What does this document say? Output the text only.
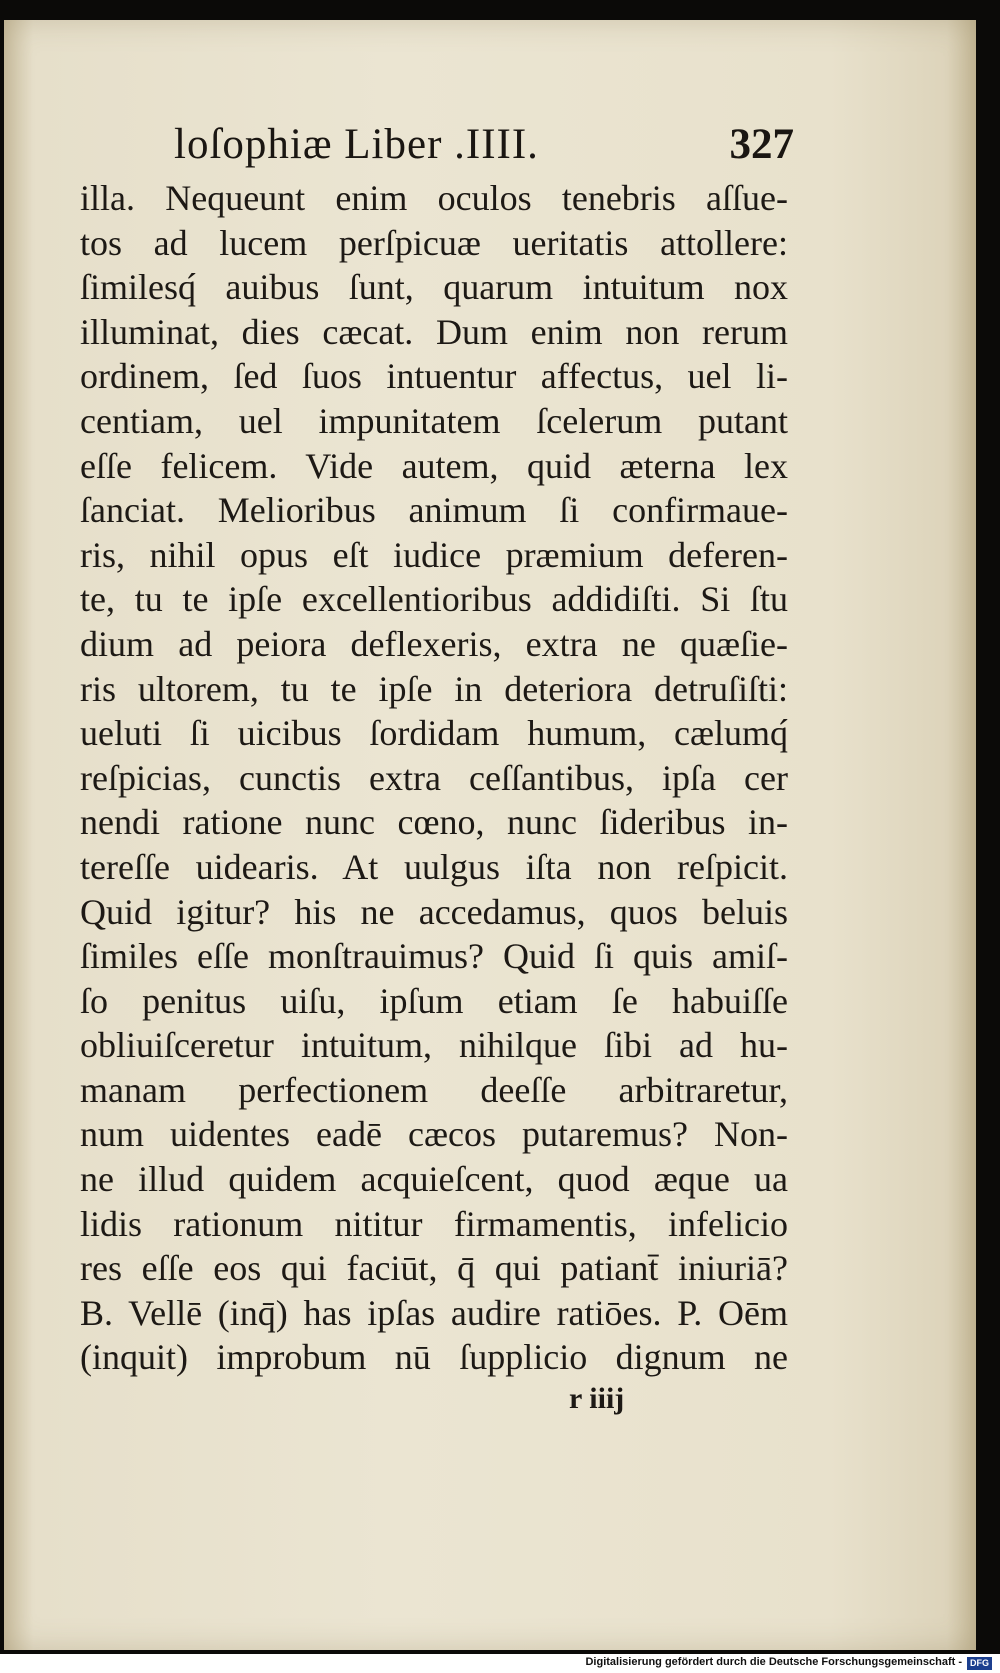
loſophiæ Liber .IIII.	327
illa. Nequeunt enim oculos tenebris aſſue-
tos ad lucem perſpicuæ ueritatis attollere:
ſimilesq́ auibus ſunt, quarum intuitum nox
illuminat, dies cæcat. Dum enim non rerum
ordinem, ſed ſuos intuentur affectus, uel li-
centiam, uel impunitatem ſcelerum putant
eſſe felicem. Vide autem, quid æterna lex
ſanciat. Melioribus animum ſi confirmaue-
ris, nihil opus eſt iudice præmium deferen-
te, tu te ipſe excellentioribus addidiſti. Si ſtu
dium ad peiora deflexeris, extra ne quæſie-
ris ultorem, tu te ipſe in deteriora detruſiſti:
ueluti ſi uicibus ſordidam humum, cælumq́
reſpicias, cunctis extra ceſſantibus, ipſa cer
nendi ratione nunc cœno, nunc ſideribus in-
tereſſe uidearis. At uulgus iſta non reſpicit.
Quid igitur? his ne accedamus, quos beluis
ſimiles eſſe monſtrauimus? Quid ſi quis amiſ-
ſo penitus uiſu, ipſum etiam ſe habuiſſe
obliuiſceretur intuitum, nihilque ſibi ad hu-
manam perfectionem deeſſe arbitraretur,
num uidentes eadē cæcos putaremus? Non-
ne illud quidem acquieſcent, quod æque ua
lidis rationum nititur firmamentis, infelicio
res eſſe eos qui faciūt, q̄ qui patiant̄ iniuriā?
B. Vellē (inq̄) has ipſas audire ratiōes. P. Oēm
(inquit) improbum nū ſupplicio dignum ne
r iiij
Digitalisierung gefördert durch die Deutsche Forschungsgemeinschaft - DFG
